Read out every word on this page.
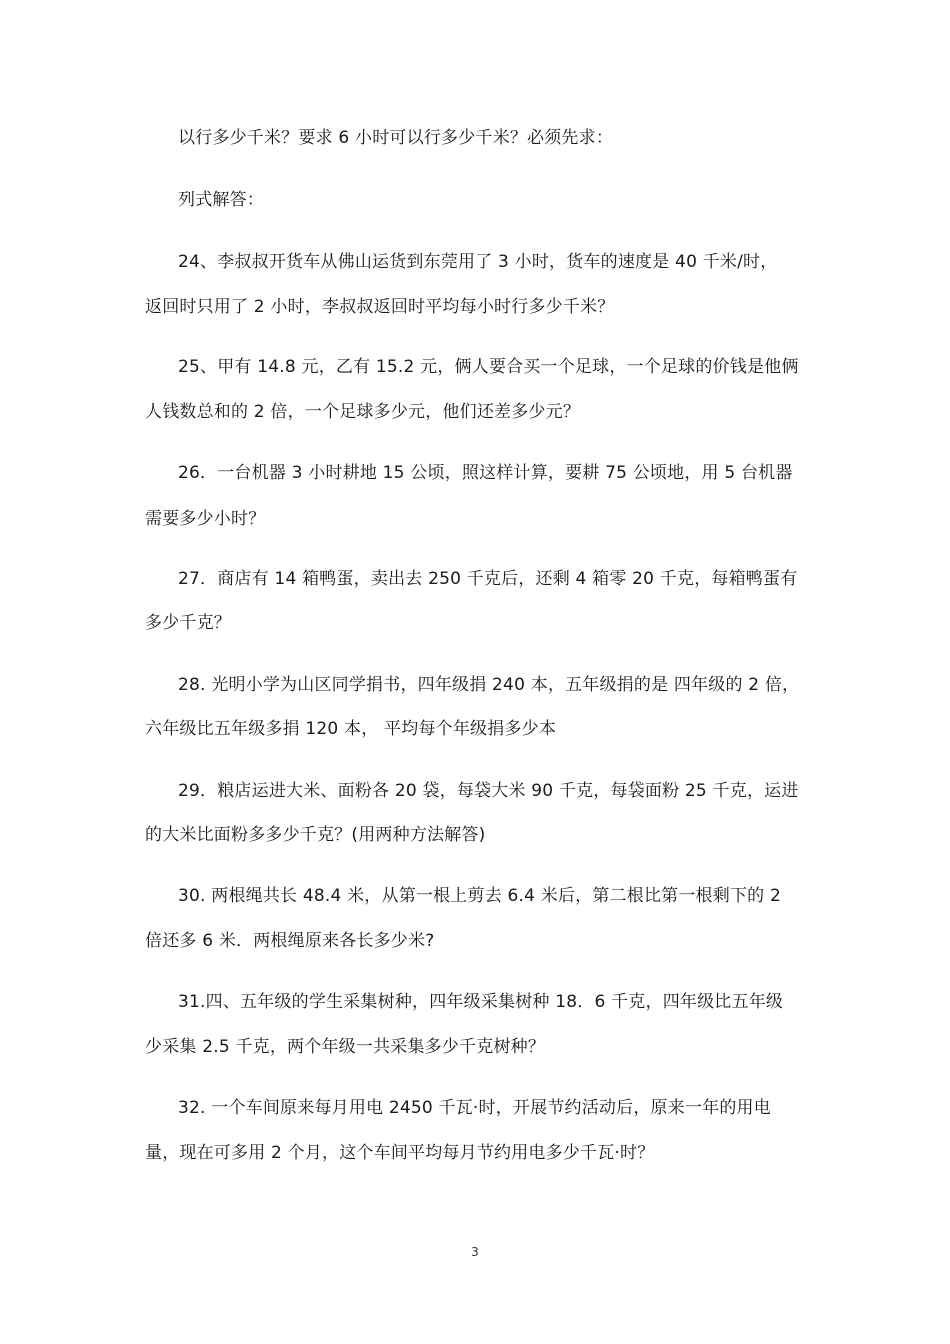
以行多少千米？要求 6 小时可以行多少千米？必须先求：
列式解答：
24、李叔叔开货车从佛山运货到东莞用了 3 小时，货车的速度是 40 千米/时，
返回时只用了 2 小时，李叔叔返回时平均每小时行多少千米？
25、甲有 14.8 元，乙有 15.2 元，俩人要合买一个足球，一个足球的价钱是他俩
人钱数总和的 2 倍，一个足球多少元，他们还差多少元？
26．一台机器 3 小时耕地 15 公顷，照这样计算，要耕 75 公顷地，用 5 台机器
需要多少小时？
27．商店有 14 箱鸭蛋，卖出去 250 千克后，还剩 4 箱零 20 千克，每箱鸭蛋有
多少千克？
28. 光明小学为山区同学捐书，四年级捐 240 本，五年级捐的是 四年级的 2 倍，
六年级比五年级多捐 120 本， 平均每个年级捐多少本
29．粮店运进大米、面粉各 20 袋，每袋大米 90 千克，每袋面粉 25 千克，运进
的大米比面粉多多少千克？(用两种方法解答)
30. 两根绳共长 48.4 米，从第一根上剪去 6.4 米后，第二根比第一根剩下的 2
倍还多 6 米．两根绳原来各长多少米?
31.四、五年级的学生采集树种，四年级采集树种 18．6 千克，四年级比五年级
少采集 2.5 千克，两个年级一共采集多少千克树种？
32. 一个车间原来每月用电 2450 千瓦·时，开展节约活动后，原来一年的用电
量，现在可多用 2 个月，这个车间平均每月节约用电多少千瓦·时？
3
